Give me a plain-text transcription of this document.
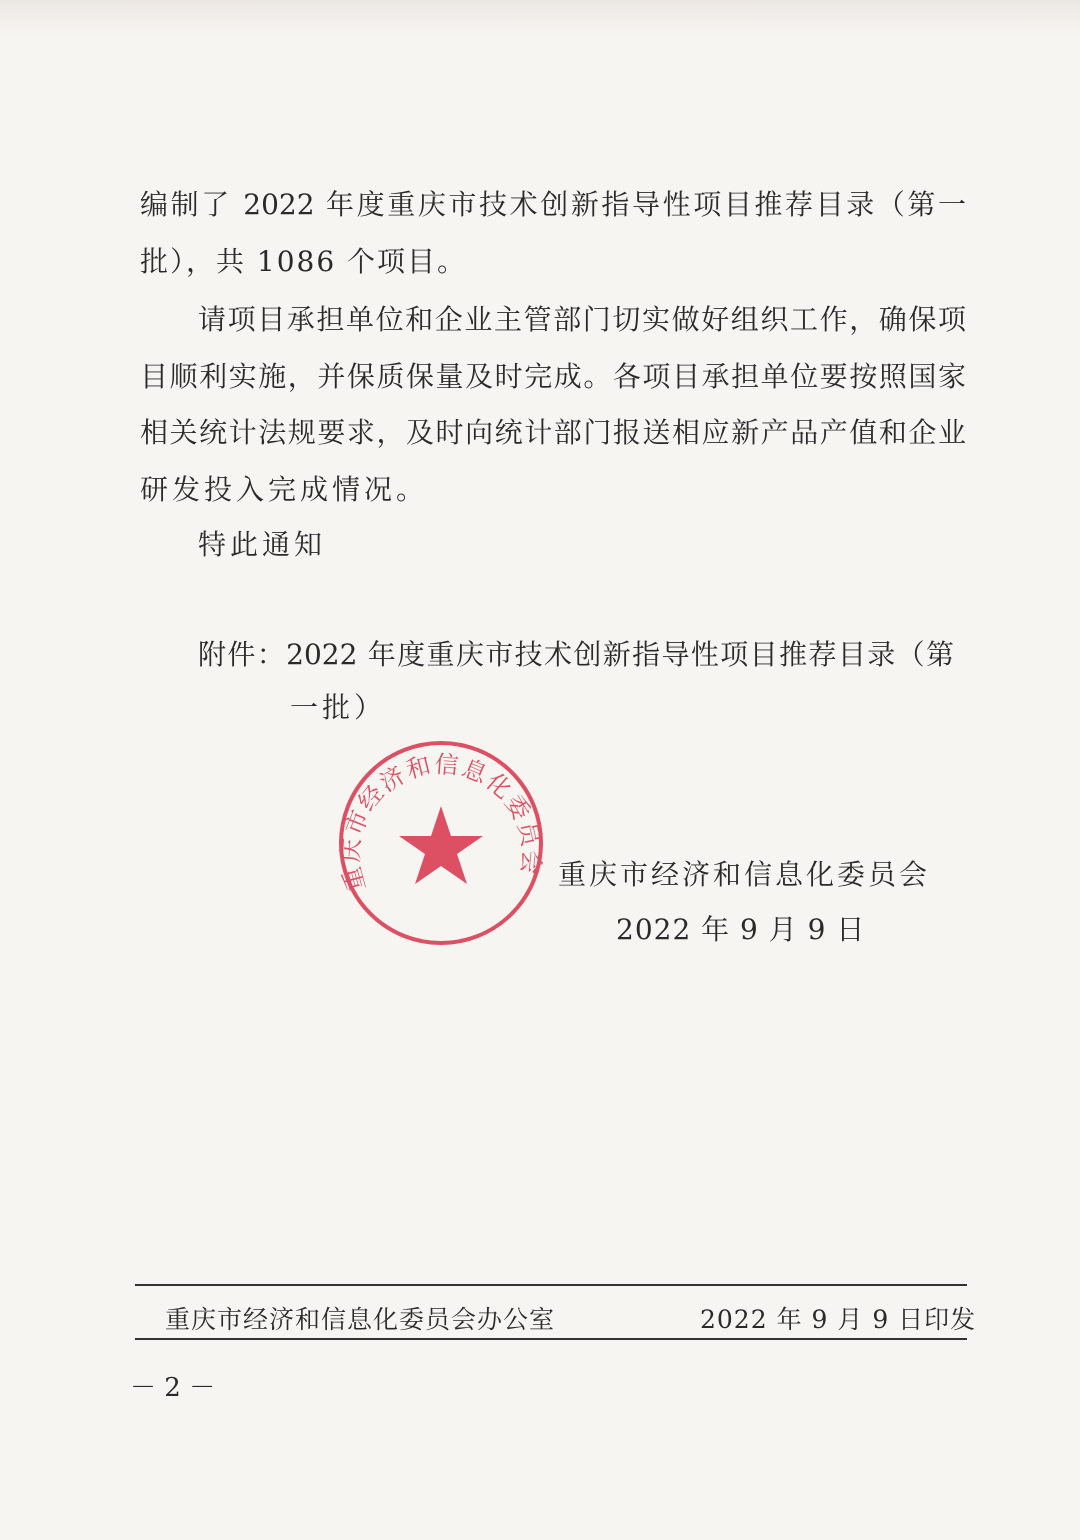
编制了 2022 年度重庆市技术创新指导性项目推荐目录（第一
批），共 1086 个项目。
请项目承担单位和企业主管部门切实做好组织工作，确保项
目顺利实施，并保质保量及时完成。各项目承担单位要按照国家
相关统计法规要求，及时向统计部门报送相应新产品产值和企业
研发投入完成情况。
特此通知
附件：2022 年度重庆市技术创新指导性项目推荐目录（第
一批）
重庆市经济和信息化委员会 重庆市经济和信息化委员会
2022 年 9 月 9 日
重庆市经济和信息化委员会办公室	2022 年 9 月 9 日印发
－ 2 －
